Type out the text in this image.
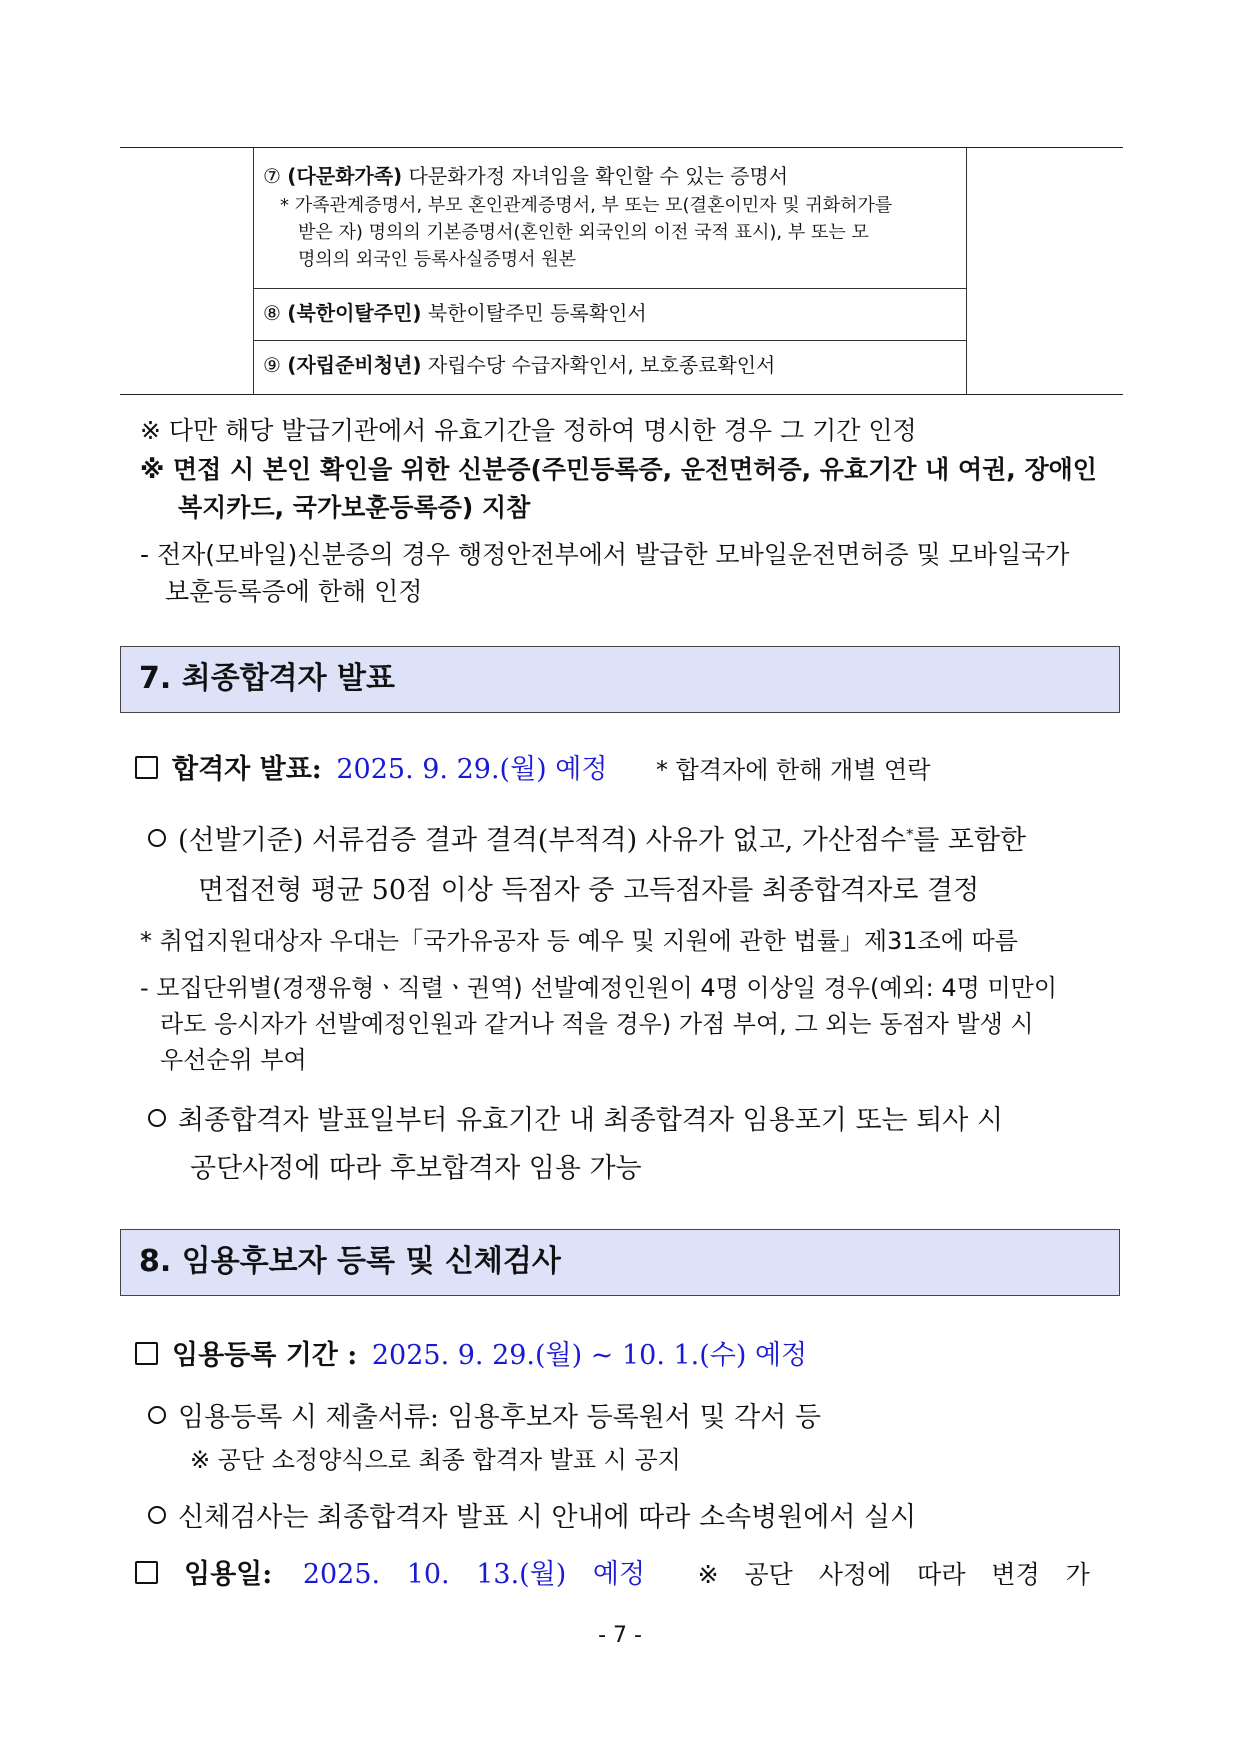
⑦ (다문화가족) 다문화가정 자녀임을 확인할 수 있는 증명서
* 가족관계증명서, 부모 혼인관계증명서, 부 또는 모(결혼이민자 및 귀화허가를
받은 자) 명의의 기본증명서(혼인한 외국인의 이전 국적 표시), 부 또는 모
명의의 외국인 등록사실증명서 원본
⑧ (북한이탈주민) 북한이탈주민 등록확인서
⑨ (자립준비청년) 자립수당 수급자확인서, 보호종료확인서
※ 다만 해당 발급기관에서 유효기간을 정하여 명시한 경우 그 기간 인정
※ 면접 시 본인 확인을 위한 신분증(주민등록증, 운전면허증, 유효기간 내 여권, 장애인
복지카드, 국가보훈등록증) 지참
- 전자(모바일)신분증의 경우 행정안전부에서 발급한 모바일운전면허증 및 모바일국가
보훈등록증에 한해 인정
7. 최종합격자 발표
합격자 발표: 2025. 9. 29.(월) 예정 * 합격자에 한해 개별 연락
(선발기준) 서류검증 결과 결격(부적격) 사유가 없고, 가산점수*를 포함한
면접전형 평균 50점 이상 득점자 중 고득점자를 최종합격자로 결정
* 취업지원대상자 우대는「국가유공자 등 예우 및 지원에 관한 법률」제31조에 따름
- 모집단위별(경쟁유형ㆍ직렬ㆍ권역) 선발예정인원이 4명 이상일 경우(예외: 4명 미만이
라도 응시자가 선발예정인원과 같거나 적을 경우) 가점 부여, 그 외는 동점자 발생 시
우선순위 부여
최종합격자 발표일부터 유효기간 내 최종합격자 임용포기 또는 퇴사 시
공단사정에 따라 후보합격자 임용 가능
8. 임용후보자 등록 및 신체검사
임용등록 기간 : 2025. 9. 29.(월) ~ 10. 1.(수) 예정
임용등록 시 제출서류: 임용후보자 등록원서 및 각서 등
※ 공단 소정양식으로 최종 합격자 발표 시 공지
신체검사는 최종합격자 발표 시 안내에 따라 소속병원에서 실시
임용일: 2025. 10. 13.(월) 예정 ※ 공단 사정에 따라 변경 가
- 7 -
